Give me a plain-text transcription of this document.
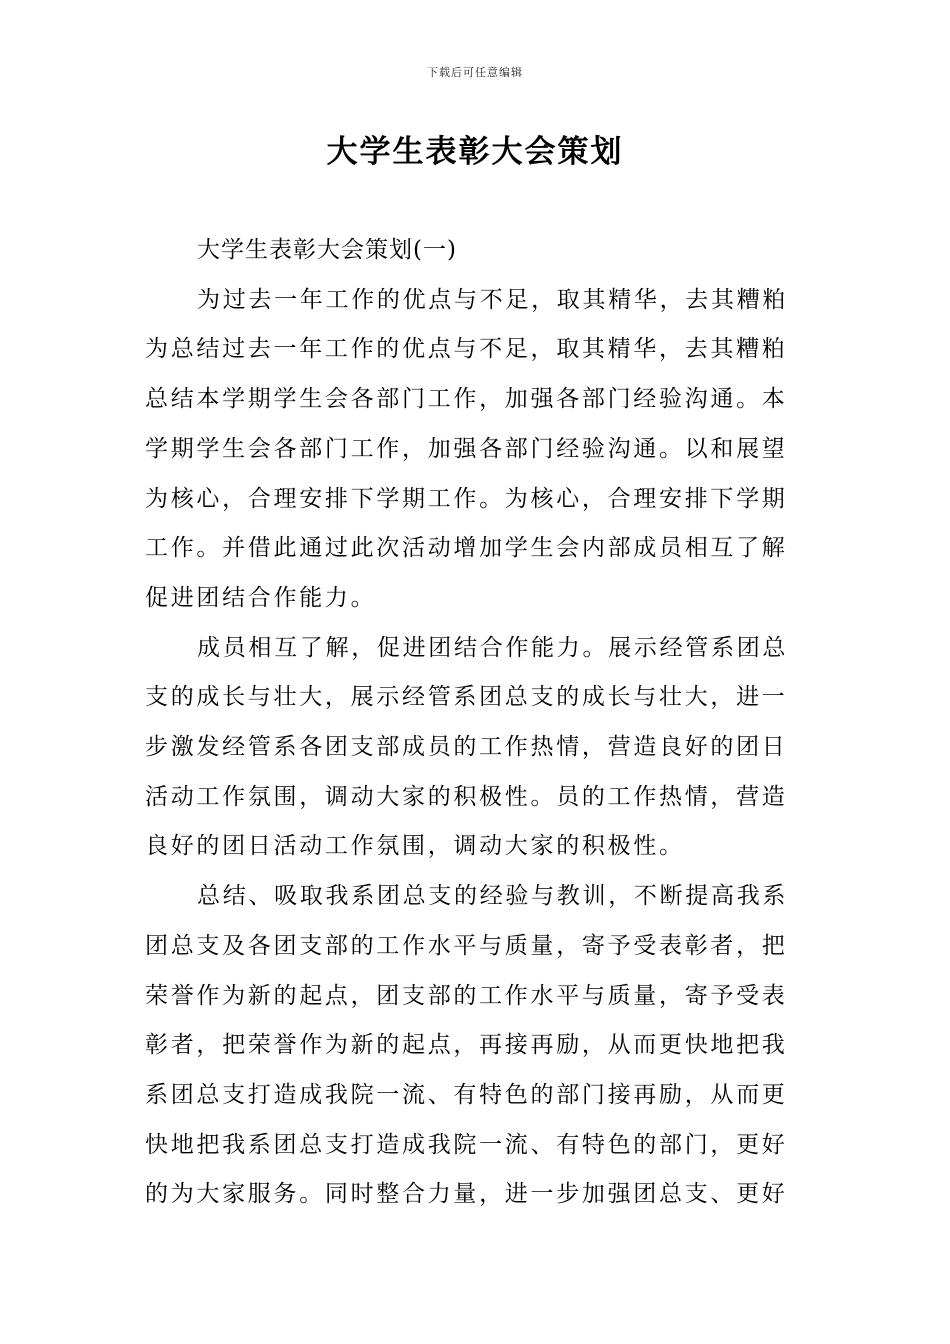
下载后可任意编辑
大学生表彰大会策划

大学生表彰大会策划(一)

为过去一年工作的优点与不足，取其精华，去其糟粕
为总结过去一年工作的优点与不足，取其精华，去其糟粕
总结本学期学生会各部门工作，加强各部门经验沟通。本
学期学生会各部门工作，加强各部门经验沟通。以和展望
为核心，合理安排下学期工作。为核心，合理安排下学期
工作。并借此通过此次活动增加学生会内部成员相互了解
促进团结合作能力。

成员相互了解，促进团结合作能力。展示经管系团总
支的成长与壮大，展示经管系团总支的成长与壮大，进一
步激发经管系各团支部成员的工作热情，营造良好的团日
活动工作氛围，调动大家的积极性。员的工作热情，营造
良好的团日活动工作氛围，调动大家的积极性。

总结、吸取我系团总支的经验与教训，不断提高我系
团总支及各团支部的工作水平与质量，寄予受表彰者，把
荣誉作为新的起点，团支部的工作水平与质量，寄予受表
彰者，把荣誉作为新的起点，再接再励，从而更快地把我
系团总支打造成我院一流、有特色的部门接再励，从而更
快地把我系团总支打造成我院一流、有特色的部门，更好
的为大家服务。同时整合力量，进一步加强团总支、更好
